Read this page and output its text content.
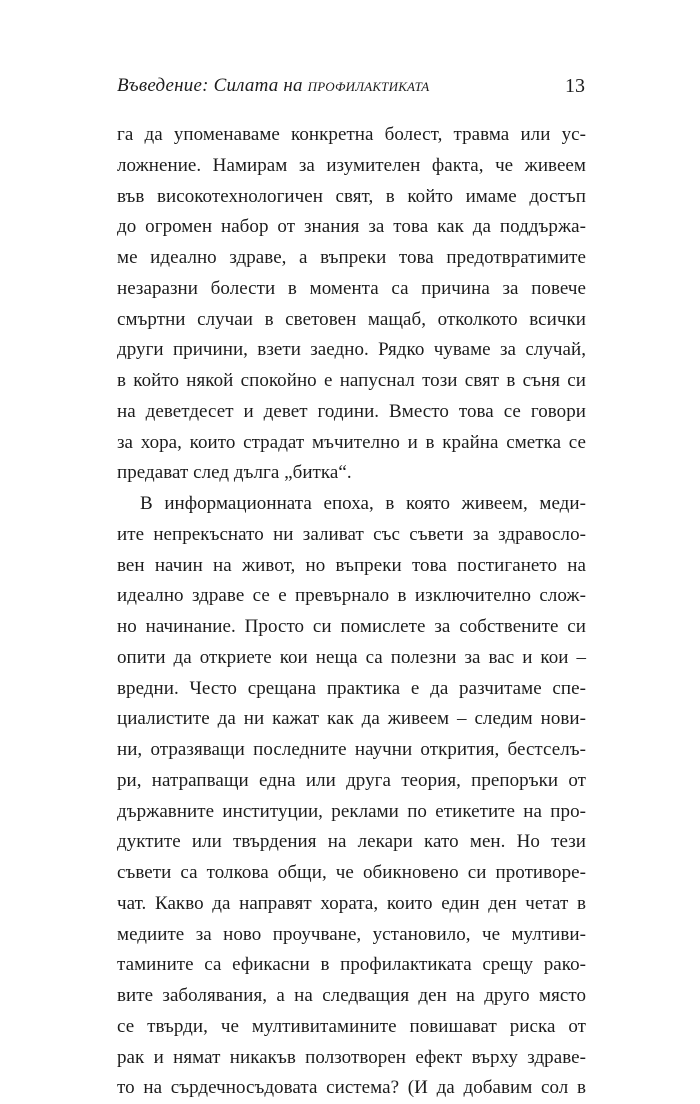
Въведение: Силата на профилактиката	13
га да упоменаваме конкретна болест, травма или ус-
ложнение. Намирам за изумителен факта, че живеем
във високотехнологичен свят, в който имаме достъп
до огромен набор от знания за това как да поддържа-
ме идеално здраве, а въпреки това предотвратимите
незаразни болести в момента са причина за повече
смъртни случаи в световен мащаб, отколкото всички
други причини, взети заедно. Рядко чуваме за случай,
в който някой спокойно е напуснал този свят в съня си
на деветдесет и девет години. Вместо това се говори
за хора, които страдат мъчително и в крайна сметка се
предават след дълга „битка“.
В информационната епоха, в която живеем, меди-
ите непрекъснато ни заливат със съвети за здравосло-
вен начин на живот, но въпреки това постигането на
идеално здраве се е превърнало в изключително слож-
но начинание. Просто си помислете за собствените си
опити да откриете кои неща са полезни за вас и кои –
вредни. Често срещана практика е да разчитаме спе-
циалистите да ни кажат как да живеем – следим нови-
ни, отразяващи последните научни открития, бестселъ-
ри, натрапващи една или друга теория, препоръки от
държавните институции, реклами по етикетите на про-
дуктите или твърдения на лекари като мен. Но тези
съвети са толкова общи, че обикновено си противоре-
чат. Какво да направят хората, които един ден четат в
медиите за ново проучване, установило, че мултиви-
тамините са ефикасни в профилактиката срещу рако-
вите заболявания, а на следващия ден на друго място
се твърди, че мултивитамините повишават риска от
рак и нямат никакъв ползотворен ефект върху здраве-
то на сърдечносъдовата система? (И да добавим сол в
